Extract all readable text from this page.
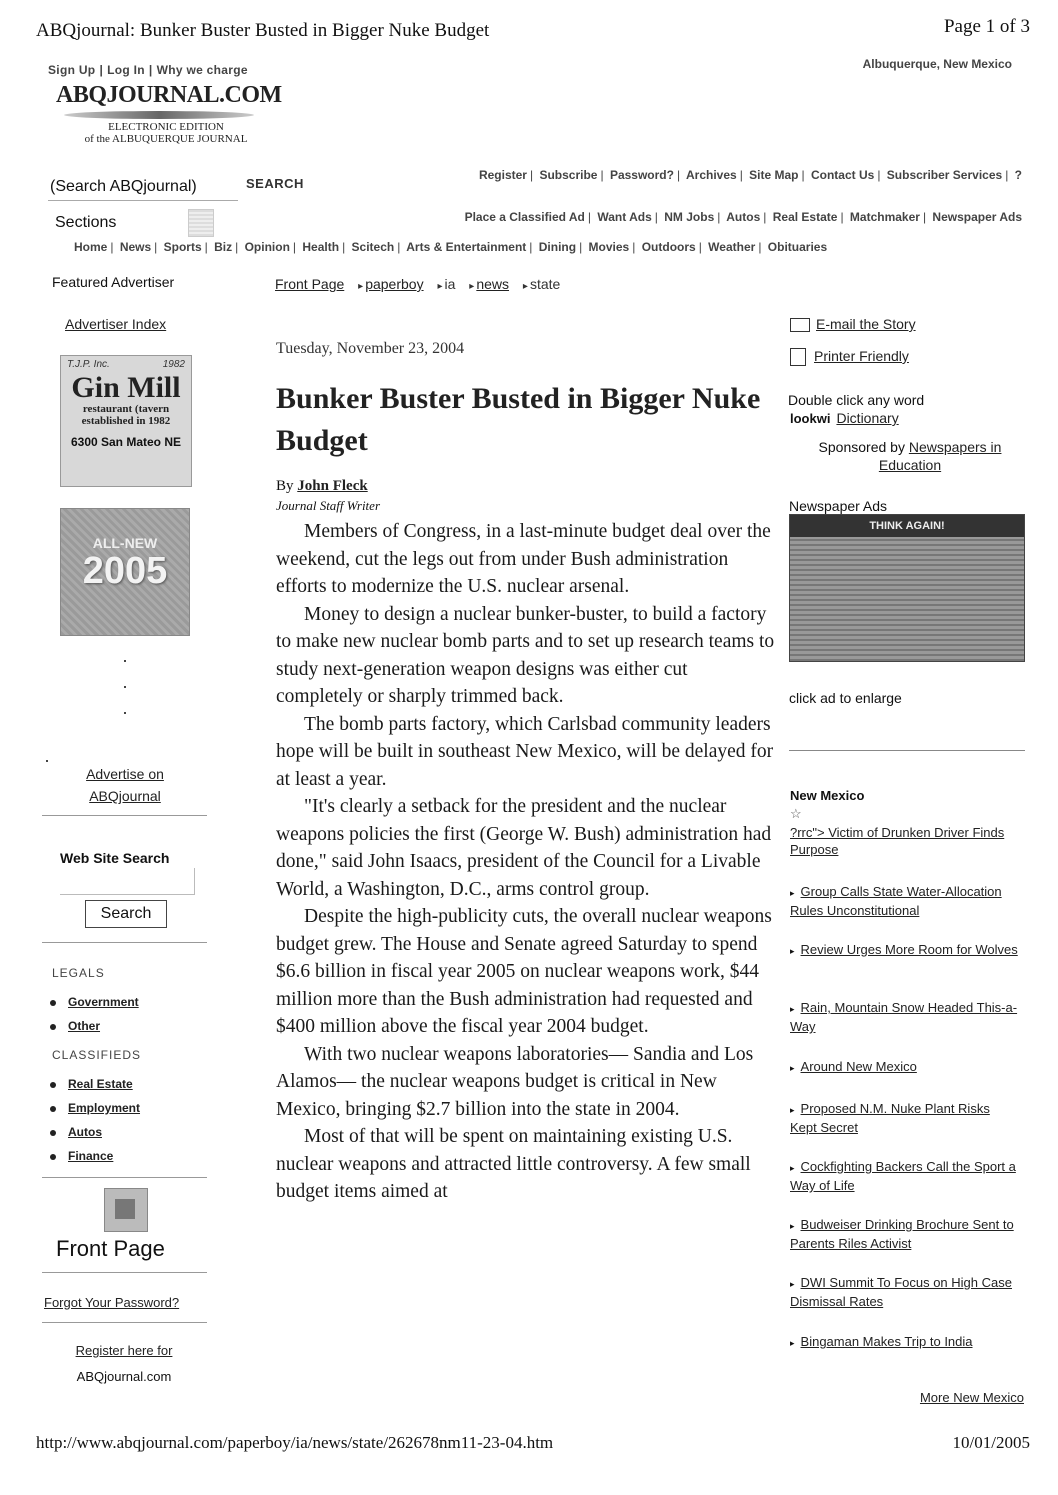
ABQjournal: Bunker Buster Busted in Bigger Nuke Budget	Page 1 of 3
http://www.abqjournal.com/paperboy/ia/news/state/262678nm11-23-04.htm	10/01/2005
Sign Up | Log In | Why we charge	Albuquerque, New Mexico
ABQJOURNAL.COM
ELECTRONIC EDITION
of the ALBUQUERQUE JOURNAL
(Search ABQjournal)	SEARCH
Sections
Register | Subscribe | Password? | Archives | Site Map | Contact Us | Subscriber Services | ?
Place a Classified Ad | Want Ads | NM Jobs | Autos | Real Estate | Matchmaker | Newspaper Ads
Home | News | Sports | Biz | Opinion | Health | Scitech | Arts & Entertainment | Dining | Movies | Outdoors | Weather | Obituaries
Featured Advertiser	Front Page ▸ paperboy ▸ ia ▸ news ▸ state
Advertiser Index
T.J.P. Inc.	1982
Gin Mill
restaurant (tavern
established in 1982
6300 San Mateo NE
ALL-NEW
2005
Advertise on
ABQjournal
Web Site Search
Search
LEGALS
Government
Other
CLASSIFIEDS
Real Estate
Employment
Autos
Finance
Front Page
Forgot Your Password?
Register here for
ABQjournal.com
Tuesday, November 23, 2004
Bunker Buster Busted in Bigger Nuke Budget
By John Fleck
Journal Staff Writer

Members of Congress, in a last-minute budget deal over the weekend, cut the legs out from under Bush administration efforts to modernize the U.S. nuclear arsenal.

Money to design a nuclear bunker-buster, to build a factory to make new nuclear bomb parts and to set up research teams to study next-generation weapon designs was either cut completely or sharply trimmed back.

The bomb parts factory, which Carlsbad community leaders hope will be built in southeast New Mexico, will be delayed for at least a year.

"It's clearly a setback for the president and the nuclear weapons policies the first (George W. Bush) administration had done," said John Isaacs, president of the Council for a Livable World, a Washington, D.C., arms control group.

Despite the high-publicity cuts, the overall nuclear weapons budget grew. The House and Senate agreed Saturday to spend $6.6 billion in fiscal year 2005 on nuclear weapons work, $44 million more than the Bush administration had requested and $400 million above the fiscal year 2004 budget.

With two nuclear weapons laboratories— Sandia and Los Alamos— the nuclear weapons budget is critical in New Mexico, bringing $2.7 billion into the state in 2004.

Most of that will be spent on maintaining existing U.S. nuclear weapons and attracted little controversy. A few small budget items aimed at

E-mail the Story
Printer Friendly
Double click any word
lookwi Dictionary
Sponsored by Newspapers in
Education
Newspaper Ads
THINK AGAIN!
click ad to enlarge
New Mexico
☆
?rrc"> Victim of Drunken Driver Finds Purpose
▸ Group Calls State Water-Allocation Rules Unconstitutional
▸ Review Urges More Room for Wolves
▸ Rain, Mountain Snow Headed This-a-Way
▸ Around New Mexico
▸ Proposed N.M. Nuke Plant Risks Kept Secret
▸ Cockfighting Backers Call the Sport a Way of Life
▸ Budweiser Drinking Brochure Sent to Parents Riles Activist
▸ DWI Summit To Focus on High Case Dismissal Rates
▸ Bingaman Makes Trip to India
More New Mexico
